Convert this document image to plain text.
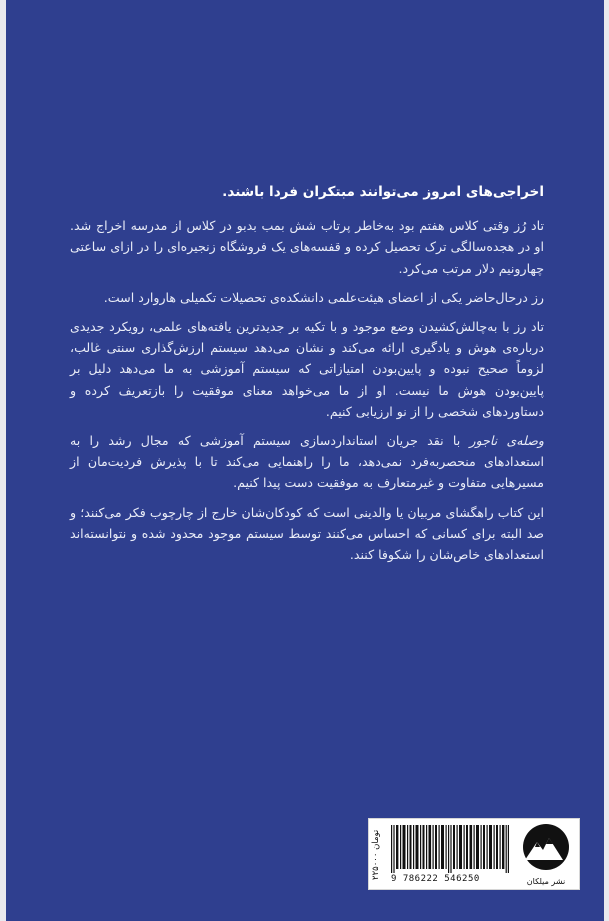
اخراجی‌های امروز می‌توانند مبتکران فردا باشند.

تاد رُز وقتی کلاس هفتم بود به‌خاطر پرتاب شش بمب بدبو در کلاس از مدرسه اخراج شد. او در هجده‌سالگی ترک تحصیل کرده و قفسه‌های یک فروشگاه زنجیره‌ای را در ازای ساعتی چهارونیم دلار مرتب می‌کرد.

رز درحال‌حاضر یکی از اعضای هیئت‌علمی دانشکده‌ی تحصیلات تکمیلی هاروارد است.

تاد رز با به‌چالش‌کشیدن وضع موجود و با تکیه بر جدیدترین یافته‌های علمی، رویکرد جدیدی درباره‌ی هوش و یادگیری ارائه می‌کند و نشان می‌دهد سیستم ارزش‌گذاری سنتی غالب، لزوماً صحیح نبوده و پایین‌بودن امتیازاتی که سیستم آموزشی به ما می‌دهد دلیل بر پایین‌بودن هوش ما نیست. او از ما می‌خواهد معنای موفقیت را بازتعریف کرده و دستاوردهای شخصی را از نو ارزیابی کنیم.

وصله‌ی ناجور با نقد جریان استانداردسازی سیستم آموزشی که مجال رشد را به استعدادهای منحصربه‌فرد نمی‌دهد، ما را راهنمایی می‌کند تا با پذیرش فردیت‌مان از مسیرهایی متفاوت و غیرمتعارف به موفقیت دست پیدا کنیم.

این کتاب راهگشای مربیان یا والدینی است که کودکان‌شان خارج از چارچوب فکر می‌کنند؛ و صد البته برای کسانی که احساس می‌کنند توسط سیستم موجود محدود شده و نتوانسته‌اند استعدادهای خاص‌شان را شکوفا کنند.

۲۲۵۰۰۰ تومان
9 786222 546250	نشر میلکان
